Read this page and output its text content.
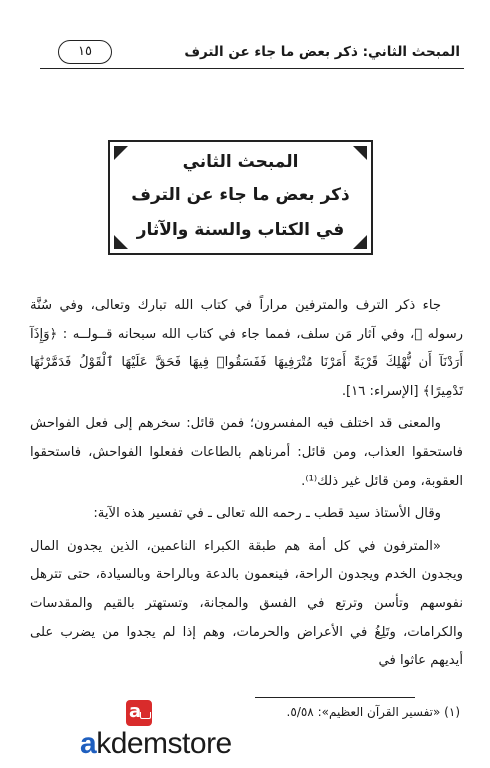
المبحث الثاني: ذكر بعض ما جاء عن الترف
١٥
المبحث الثاني
ذكر بعض ما جاء عن الترف
في الكتاب والسنة والآثار

جاء ذكر الترف والمترفين مراراً في كتاب الله تبارك وتعالى، وفي سُنَّة رسوله ﷺ، وفي آثار مَن سلف، فمما جاء في كتاب الله سبحانه قــولــه : ﴿وَإِذَآ أَرَدْنَآ أَن نُّهْلِكَ قَرْيَةً أَمَرْنَا مُتْرَفِيهَا فَفَسَقُوا۟ فِيهَا فَحَقَّ عَلَيْهَا ٱلْقَوْلُ فَدَمَّرْنَٰهَا تَدْمِيرًا﴾ [الإسراء: ١٦].

والمعنى قد اختلف فيه المفسرون؛ فمن قائل: سخرهم إلى فعل الفواحش فاستحقوا العذاب، ومن قائل: أمرناهم بالطاعات ففعلوا الفواحش، فاستحقوا العقوبة، ومن قائل غير ذلك⁽¹⁾.

وقال الأستاذ سيد قطب ـ رحمه الله تعالى ـ في تفسير هذه الآية:

«المترفون في كل أمة هم طبقة الكبراء الناعمين، الذين يجدون المال ويجدون الخدم ويجدون الراحة، فينعمون بالدعة وبالراحة وبالسيادة، حتى تترهل نفوسهم وتأسن وترتع في الفسق والمجانة، وتستهتر بالقيم والمقدسات والكرامات، وتَلِغُ في الأعراض والحرمات، وهم إذا لم يجدوا من يضرب على أيديهم عاثوا في

(١) «تفسير القرآن العظيم»: ٥/٥٨.
a
akdemstore
